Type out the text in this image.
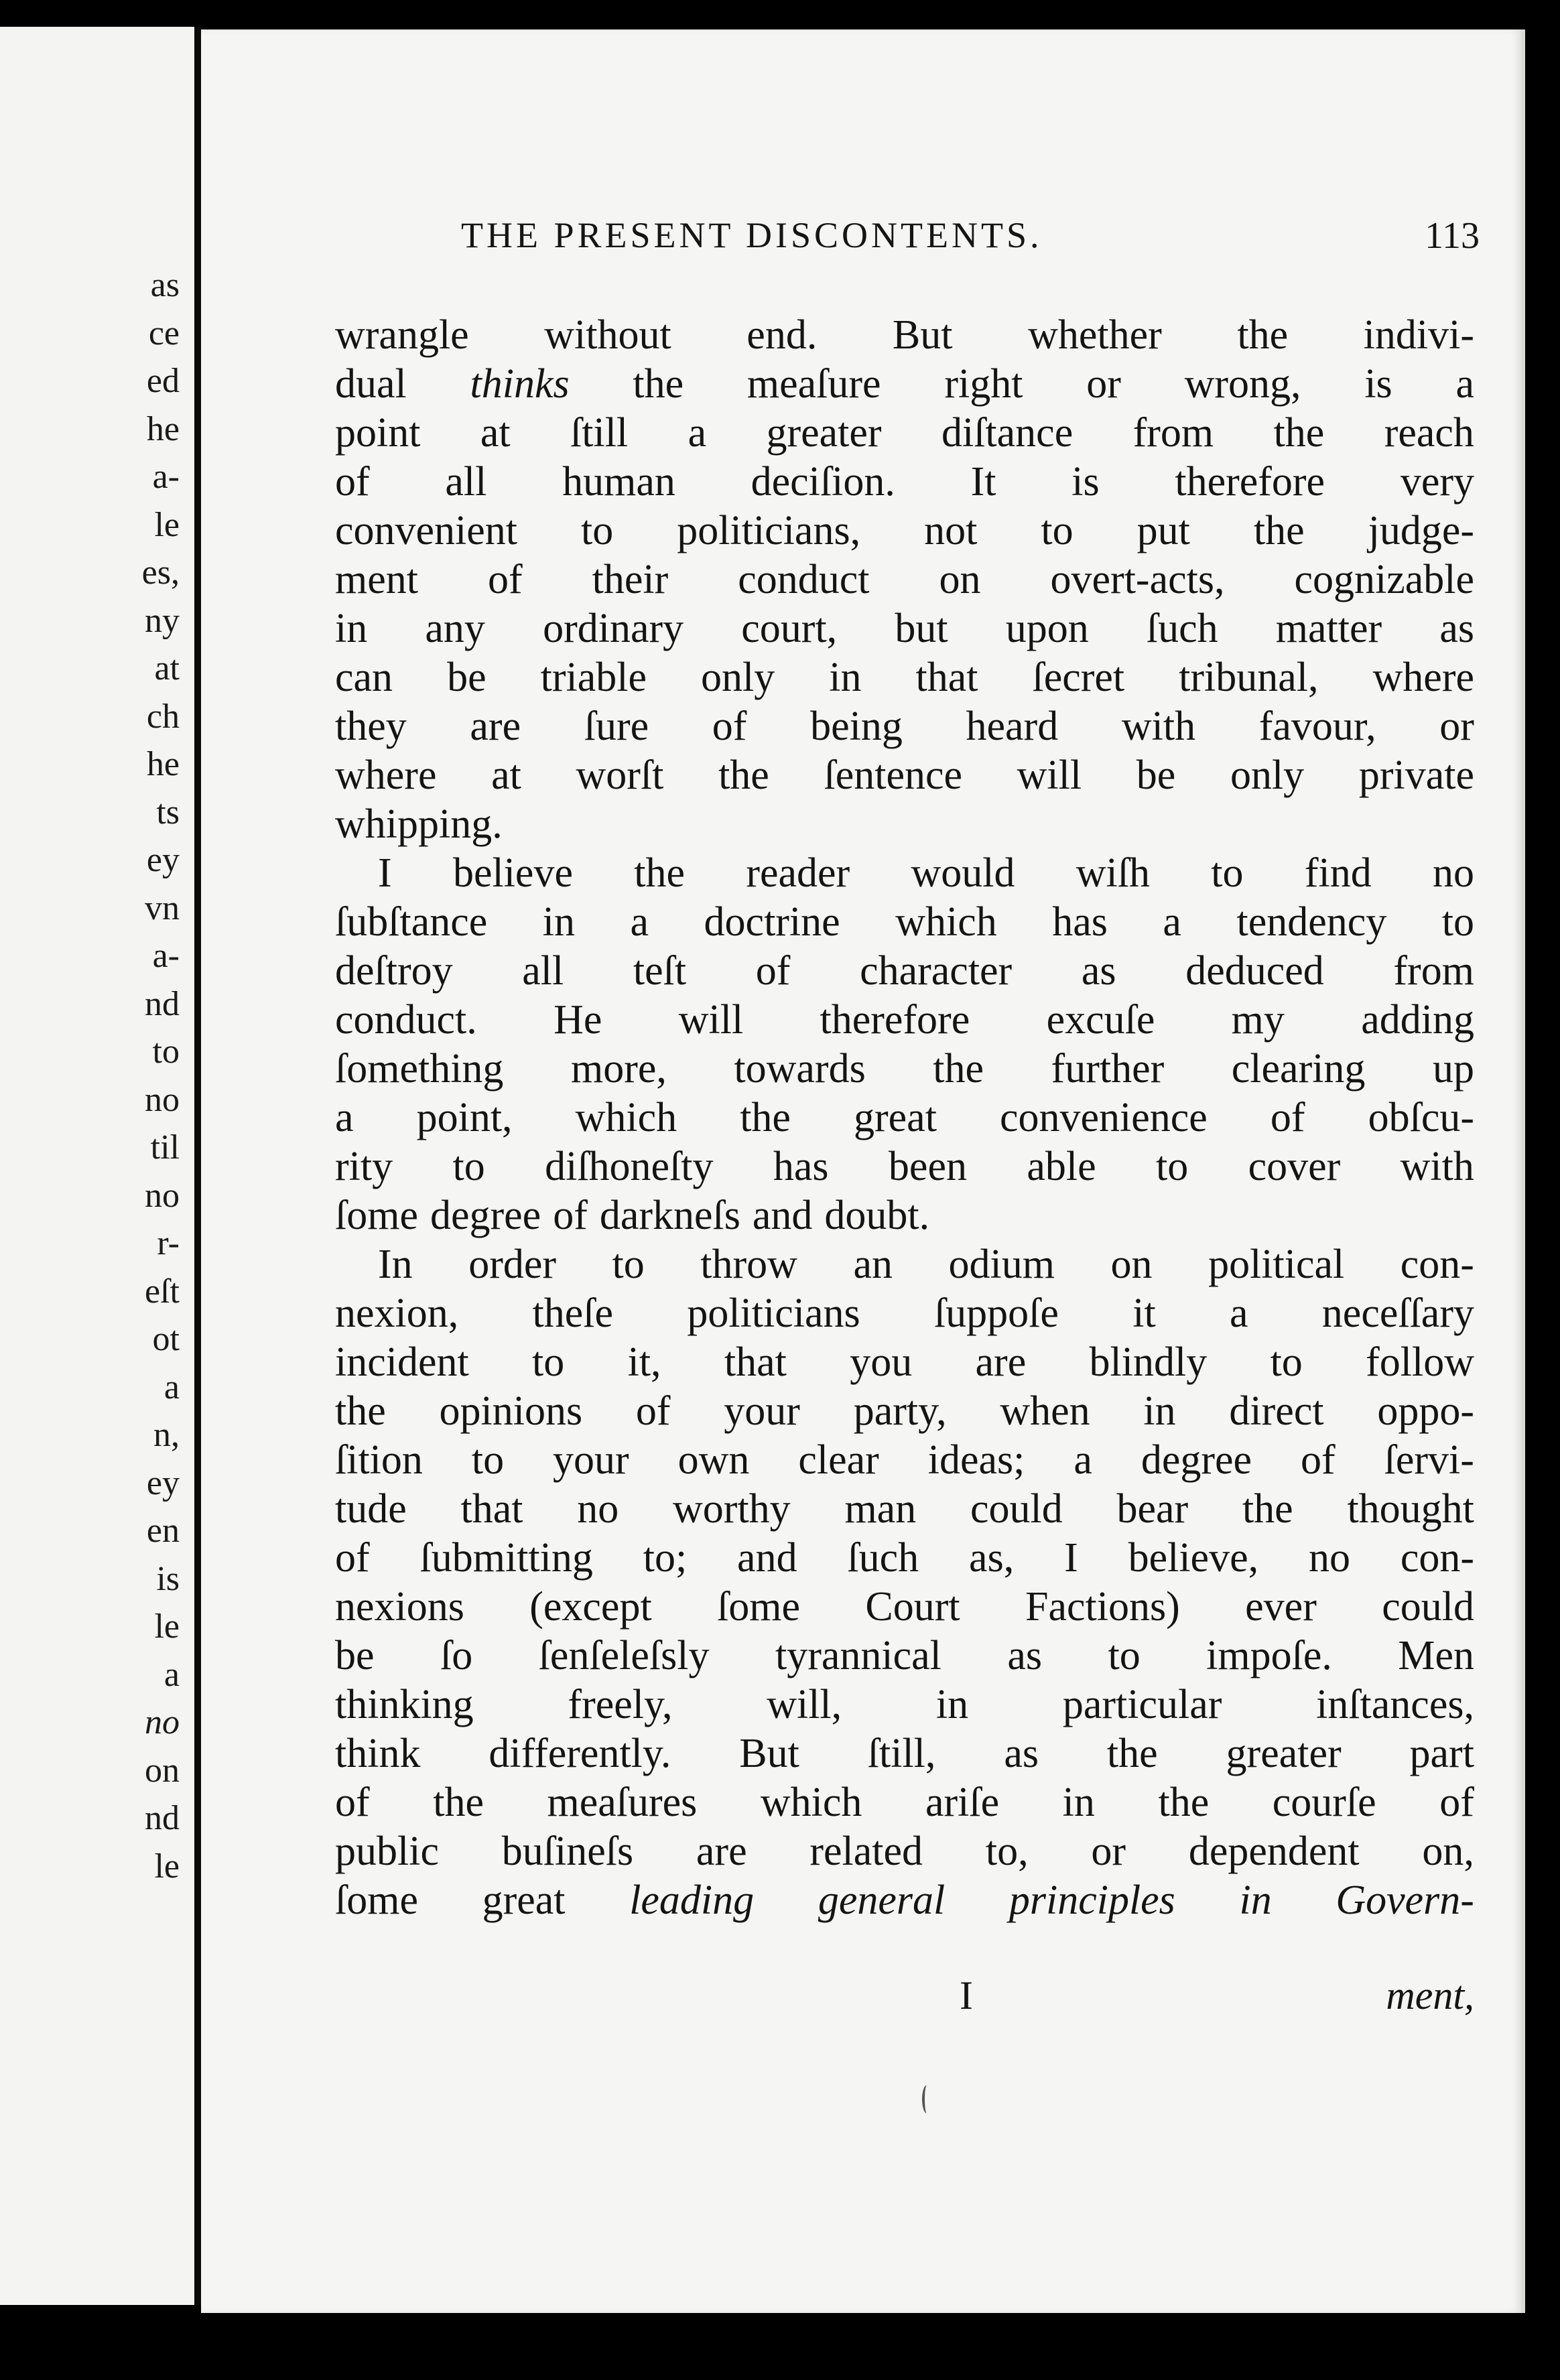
as
ce
ed
he
a-
le
es,
ny
at
ch
he
ts
ey
vn
a-
nd
to
no
til
no
r-
eſt
ot
a
n,
ey
en
is
le
a
no
on
nd
le
THE PRESENT DISCONTENTS.	113
wrangle without end. But whether the indivi-
dual thinks the meaſure right or wrong, is a
point at ſtill a greater diſtance from the reach
of all human deciſion. It is therefore very
convenient to politicians, not to put the judge-
ment of their conduct on overt-acts, cognizable
in any ordinary court, but upon ſuch matter as
can be triable only in that ſecret tribunal, where
they are ſure of being heard with favour, or
where at worſt the ſentence will be only private
whipping.
I believe the reader would wiſh to find no
ſubſtance in a doctrine which has a tendency to
deſtroy all teſt of character as deduced from
conduct. He will therefore excuſe my adding
ſomething more, towards the further clearing up
a point, which the great convenience of obſcu-
rity to diſhoneſty has been able to cover with
ſome degree of darkneſs and doubt.
In order to throw an odium on political con-
nexion, theſe politicians ſuppoſe it a neceſſary
incident to it, that you are blindly to follow
the opinions of your party, when in direct oppo-
ſition to your own clear ideas; a degree of ſervi-
tude that no worthy man could bear the thought
of ſubmitting to; and ſuch as, I believe, no con-
nexions (except ſome Court Factions) ever could
be ſo ſenſeleſsly tyrannical as to impoſe. Men
thinking freely, will, in particular inſtances,
think differently. But ſtill, as the greater part
of the meaſures which ariſe in the courſe of
public buſineſs are related to, or dependent on,
ſome great leading general principles in Govern-
I	ment,
